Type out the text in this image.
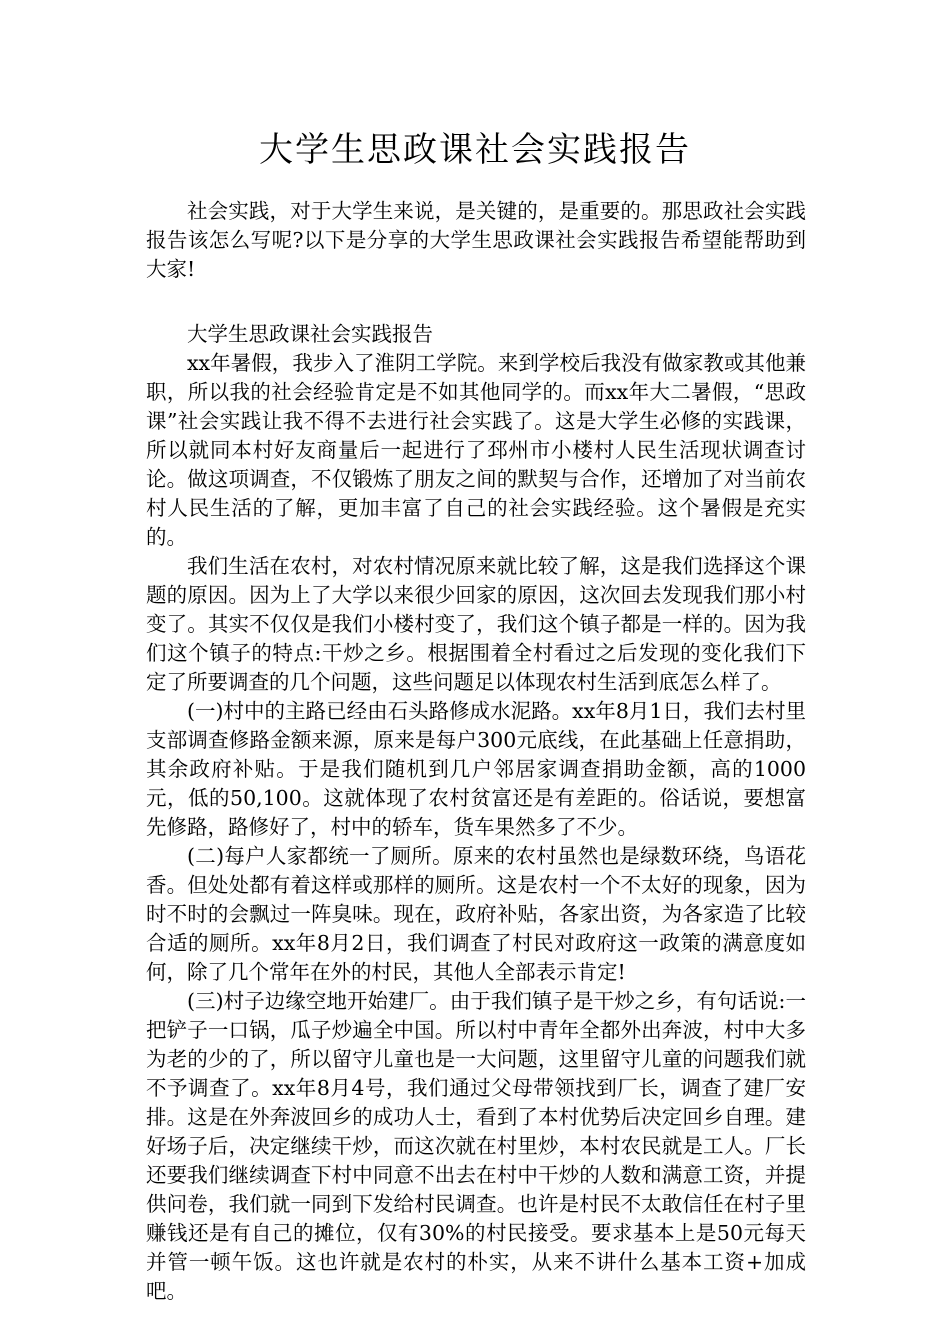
大学生思政课社会实践报告

社会实践，对于大学生来说，是关键的，是重要的。那思政社会实践报告该怎么写呢?以下是分享的大学生思政课社会实践报告希望能帮助到大家!

大学生思政课社会实践报告

xx年暑假，我步入了淮阴工学院。来到学校后我没有做家教或其他兼职，所以我的社会经验肯定是不如其他同学的。而xx年大二暑假，“思政课”社会实践让我不得不去进行社会实践了。这是大学生必修的实践课，所以就同本村好友商量后一起进行了邳州市小楼村人民生活现状调查讨论。做这项调查，不仅锻炼了朋友之间的默契与合作，还增加了对当前农村人民生活的了解，更加丰富了自己的社会实践经验。这个暑假是充实的。

我们生活在农村，对农村情况原来就比较了解，这是我们选择这个课题的原因。因为上了大学以来很少回家的原因，这次回去发现我们那小村变了。其实不仅仅是我们小楼村变了，我们这个镇子都是一样的。因为我们这个镇子的特点:干炒之乡。根据围着全村看过之后发现的变化我们下定了所要调查的几个问题，这些问题足以体现农村生活到底怎么样了。

(一)村中的主路已经由石头路修成水泥路。xx年8月1日，我们去村里支部调查修路金额来源，原来是每户300元底线，在此基础上任意捐助，其余政府补贴。于是我们随机到几户邻居家调查捐助金额，高的1000元，低的50,100。这就体现了农村贫富还是有差距的。俗话说，要想富先修路，路修好了，村中的轿车，货车果然多了不少。

(二)每户人家都统一了厕所。原来的农村虽然也是绿数环绕，鸟语花香。但处处都有着这样或那样的厕所。这是农村一个不太好的现象，因为时不时的会飘过一阵臭味。现在，政府补贴，各家出资，为各家造了比较合适的厕所。xx年8月2日，我们调查了村民对政府这一政策的满意度如何，除了几个常年在外的村民，其他人全部表示肯定!

(三)村子边缘空地开始建厂。由于我们镇子是干炒之乡，有句话说:一把铲子一口锅，瓜子炒遍全中国。所以村中青年全都外出奔波，村中大多为老的少的了，所以留守儿童也是一大问题，这里留守儿童的问题我们就不予调查了。xx年8月4号，我们通过父母带领找到厂长，调查了建厂安排。这是在外奔波回乡的成功人士，看到了本村优势后决定回乡自理。建好场子后，决定继续干炒，而这次就在村里炒，本村农民就是工人。厂长还要我们继续调查下村中同意不出去在村中干炒的人数和满意工资，并提供问卷，我们就一同到下发给村民调查。也许是村民不太敢信任在村子里赚钱还是有自己的摊位，仅有30%的村民接受。要求基本上是50元每天并管一顿午饭。这也许就是农村的朴实，从来不讲什么基本工资+加成吧。
